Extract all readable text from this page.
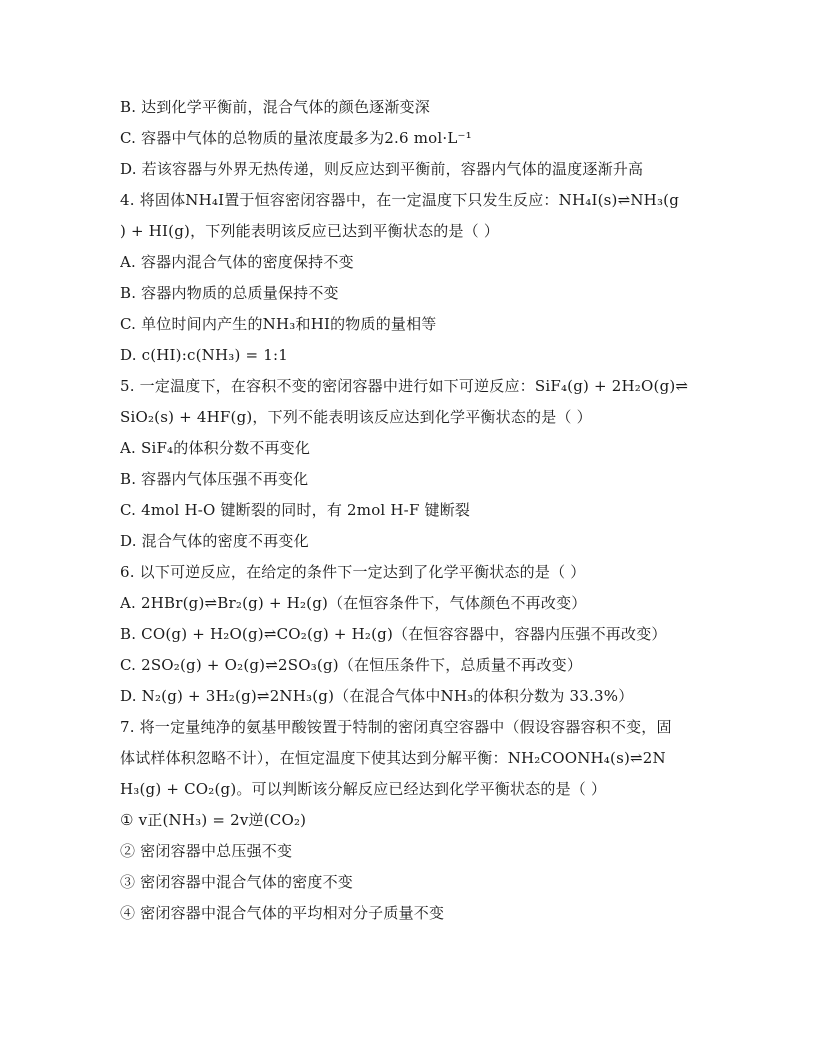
B. 达到化学平衡前，混合气体的颜色逐渐变深
C. 容器中气体的总物质的量浓度最多为2.6 mol·L⁻¹
D. 若该容器与外界无热传递，则反应达到平衡前，容器内气体的温度逐渐升高
4. 将固体NH₄I置于恒容密闭容器中，在一定温度下只发生反应：NH₄I(s)⇌NH₃(g
) + HI(g)，下列能表明该反应已达到平衡状态的是（ ）
A. 容器内混合气体的密度保持不变
B. 容器内物质的总质量保持不变
C. 单位时间内产生的NH₃和HI的物质的量相等
D. c(HI):c(NH₃) = 1:1
5. 一定温度下，在容积不变的密闭容器中进行如下可逆反应：SiF₄(g) + 2H₂O(g)⇌
SiO₂(s) + 4HF(g)，下列不能表明该反应达到化学平衡状态的是（ ）
A. SiF₄的体积分数不再变化
B. 容器内气体压强不再变化
C. 4mol H-O 键断裂的同时，有 2mol H-F 键断裂
D. 混合气体的密度不再变化
6. 以下可逆反应，在给定的条件下一定达到了化学平衡状态的是（ ）
A. 2HBr(g)⇌Br₂(g) + H₂(g)（在恒容条件下，气体颜色不再改变）
B. CO(g) + H₂O(g)⇌CO₂(g) + H₂(g)（在恒容容器中，容器内压强不再改变）
C. 2SO₂(g) + O₂(g)⇌2SO₃(g)（在恒压条件下，总质量不再改变）
D. N₂(g) + 3H₂(g)⇌2NH₃(g)（在混合气体中NH₃的体积分数为 33.3%）
7. 将一定量纯净的氨基甲酸铵置于特制的密闭真空容器中（假设容器容积不变，固
体试样体积忽略不计），在恒定温度下使其达到分解平衡：NH₂COONH₄(s)⇌2N
H₃(g) + CO₂(g)。可以判断该分解反应已经达到化学平衡状态的是（ ）
① v正(NH₃) = 2v逆(CO₂)
② 密闭容器中总压强不变
③ 密闭容器中混合气体的密度不变
④ 密闭容器中混合气体的平均相对分子质量不变
